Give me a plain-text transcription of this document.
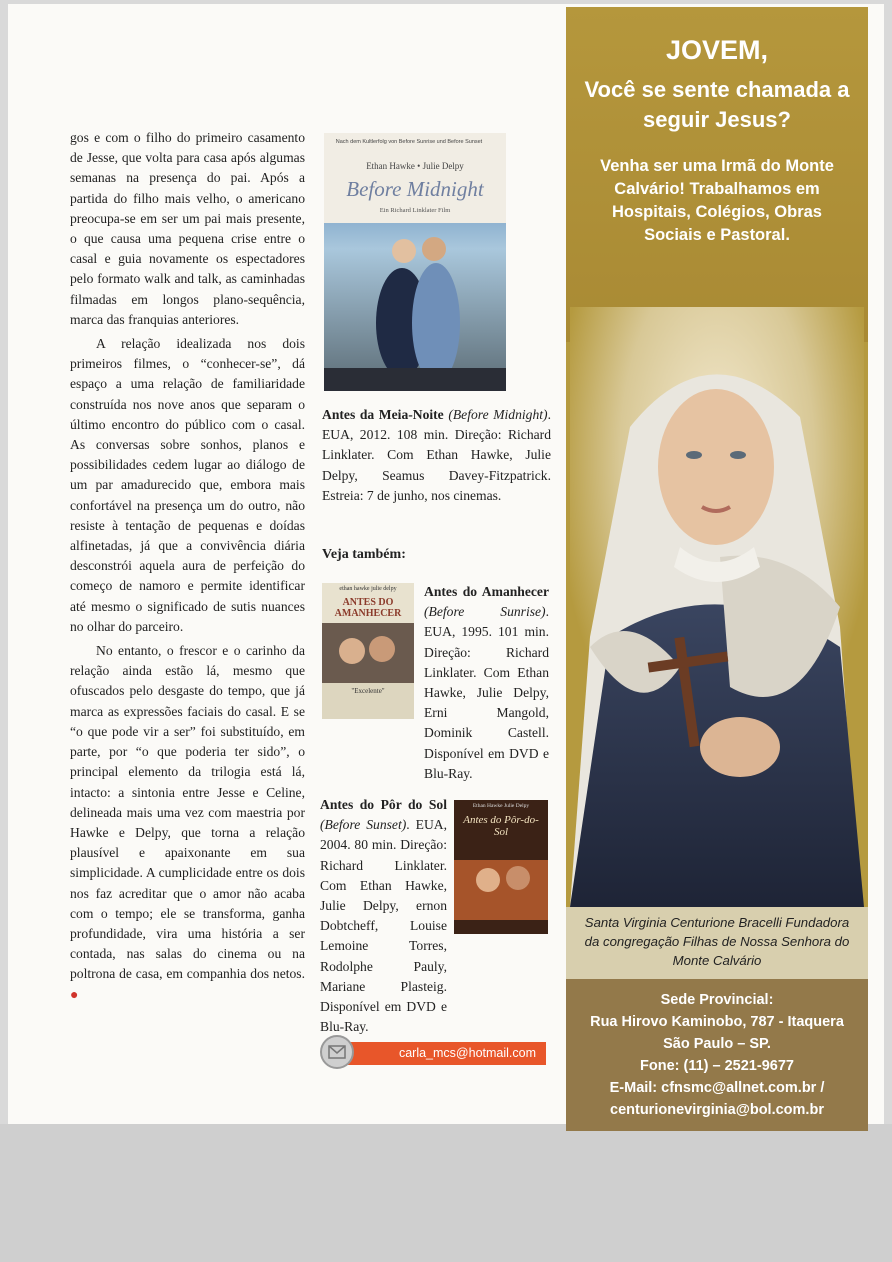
gos e com o filho do primeiro casamento de Jesse, que volta para casa após algumas semanas na presença do pai. Após a partida do filho mais velho, o americano preocupa-se em ser um pai mais presente, o que causa uma pequena crise entre o casal e guia novamente os espectadores pelo formato walk and talk, as caminhadas filmadas em longos plano-sequência, marca das franquias anteriores.

A relação idealizada nos dois primeiros filmes, o “conhecer-se”, dá espaço a uma relação de familiaridade construída nos nove anos que separam o último encontro do público com o casal. As conversas sobre sonhos, planos e possibilidades cedem lugar ao diálogo de um par amadurecido que, embora mais confortável na presença um do outro, não resiste à tentação de pequenas e doídas alfinetadas, já que a convivência diária desconstrói aquela aura de perfeição do começo de namoro e permite identificar até mesmo o significado de sutis nuances no olhar do parceiro.

No entanto, o frescor e o carinho da relação ainda estão lá, mesmo que ofuscados pelo desgaste do tempo, que já marca as expressões faciais do casal. E se “o que pode vir a ser” foi substituído, em parte, por “o que poderia ter sido”, o principal elemento da trilogia está lá, intacto: a sintonia entre Jesse e Celine, delineada mais uma vez com maestria por Hawke e Delpy, que torna a relação plausível e apaixonante em sua simplicidade. A cumplicidade entre os dois nos faz acreditar que o amor não acaba com o tempo; ele se transforma, ganha profundidade, vira uma história a ser contada, nas salas do cinema ou na poltrona de casa, em companhia dos netos. ●

Nach dem Kultlerfolg von Before Sunrise und Before Sunset
Ethan Hawke • Julie Delpy
Before Midnight
Ein Richard Linklater Film
Antes da Meia-Noite (Before Midnight). EUA, 2012. 108 min. Direção: Richard Linklater. Com Ethan Hawke, Julie Delpy, Seamus Davey-Fitzpatrick. Estreia: 7 de junho, nos cinemas.
Veja também:
ethan hawke julie delpy
ANTES DO AMANHECER
"Excelente"
Antes do Amanhecer (Before Sunrise). EUA, 1995. 101 min. Direção: Richard Linklater. Com Ethan Hawke, Julie Delpy, Erni Mangold, Dominik Castell. Disponível em DVD e Blu-Ray.
Antes do Pôr do Sol (Before Sunset). EUA, 2004. 80 min. Direção: Richard Linklater. Com Ethan Hawke, Julie Delpy, ernon Dobtcheff, Louise Lemoine Torres, Rodolphe Pauly, Mariane Plasteig. Disponível em DVD e Blu-Ray.
Ethan Hawke Julie Delpy
Antes do Pôr-do-Sol
carla_mcs@hotmail.com
JOVEM,
Você se sente chamada a seguir Jesus?
Venha ser uma Irmã do Monte Calvário! Trabalhamos em Hospitais, Colégios, Obras Sociais e Pastoral.
Santa Virginia Centurione Bracelli Fundadora da congregação Filhas de Nossa Senhora do Monte Calvário
Sede Provincial:
Rua Hirovo Kaminobo, 787 - Itaquera
São Paulo – SP.
Fone: (11) – 2521-9677
E-Mail: cfnsmc@allnet.com.br / centurionevirginia@bol.com.br
